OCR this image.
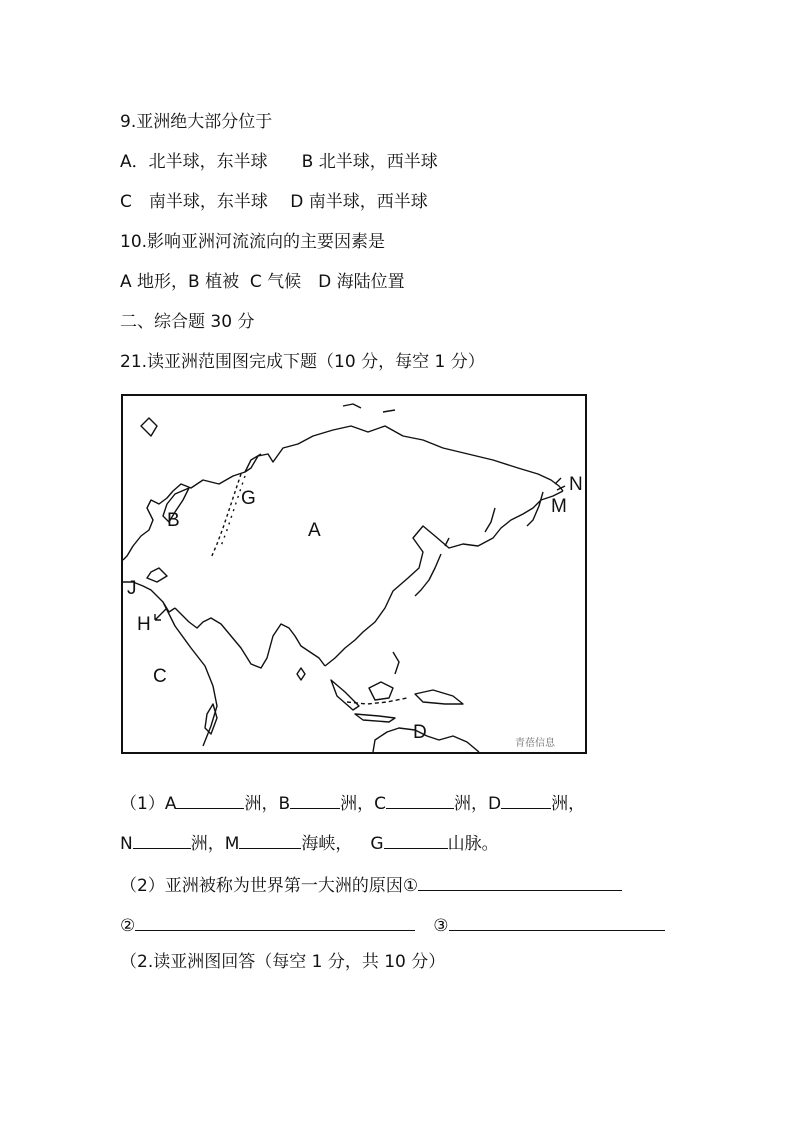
9.亚洲绝大部分位于
A．北半球，东半球　　B 北半球，西半球
C　南半球，东半球　 D 南半球，西半球
10.影响亚洲河流流向的主要因素是
A 地形，B 植被  C 气候　D 海陆位置
二、综合题 30 分
21.读亚洲范围图完成下题（10 分，每空 1 分）
A
B
C
D
G
H
J
M
N
青蓓信息
（1）A	洲，B	洲，C	洲，D	洲，
N	洲，M	海峡， G	山脉。
（2）亚洲被称为世界第一大洲的原因①
②	③
（2.读亚洲图回答（每空 1 分，共 10 分）
